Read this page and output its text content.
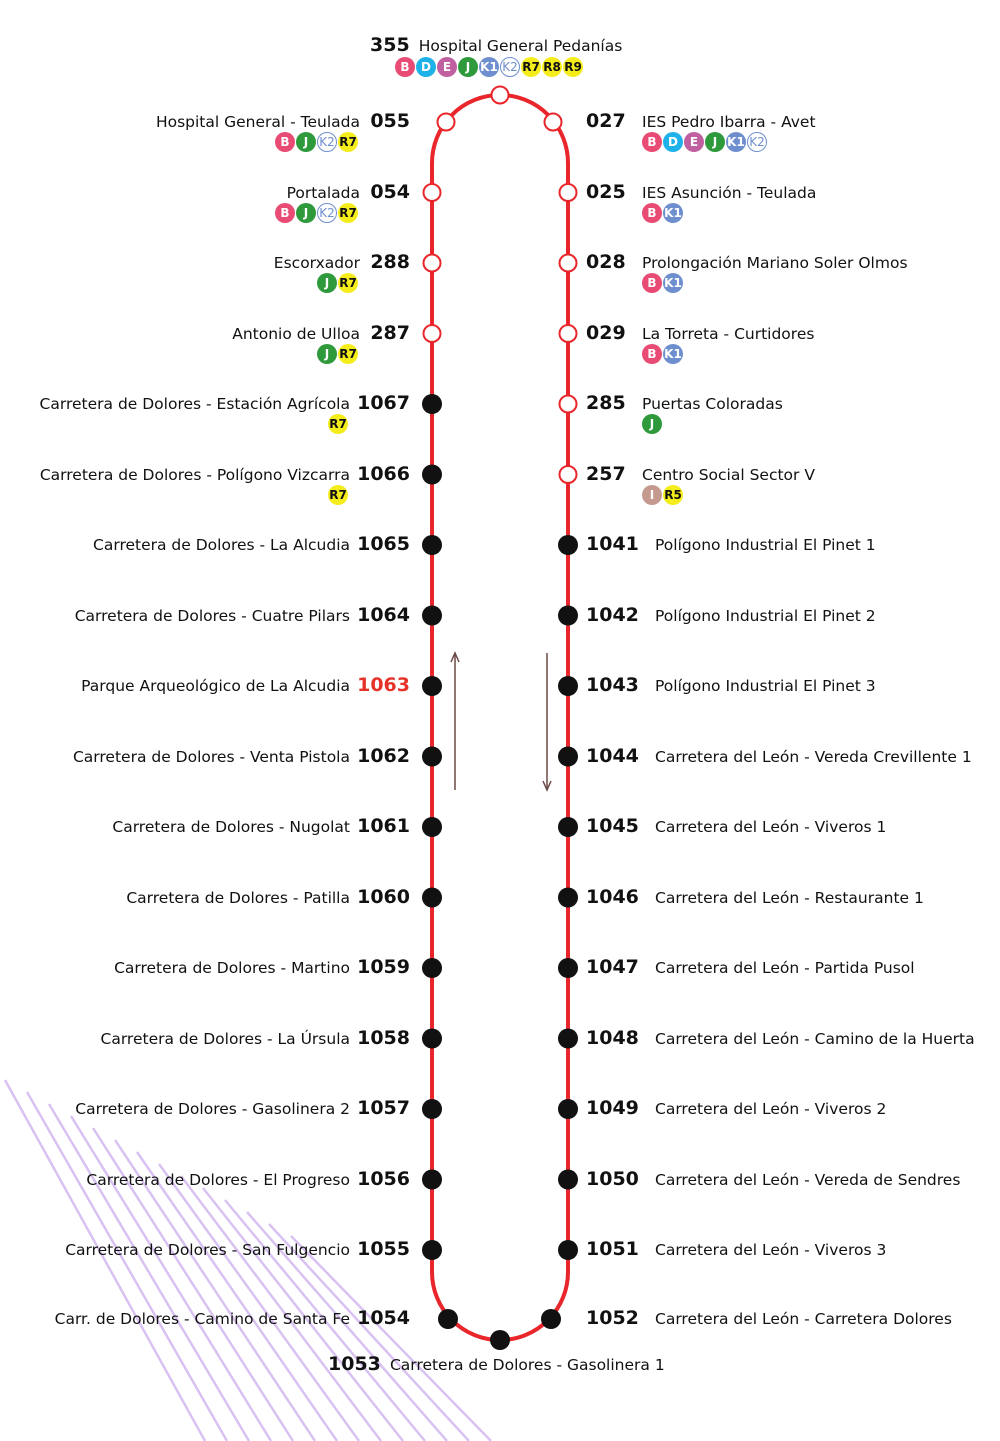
355 Hospital General Pedanías
B D E	J K1 K2 R7 R8 R9
1053 Carretera de Dolores - Gasolinera 1
055
Hospital General - Teulada
B	J K2 R7
054
Portalada
B	J K2 R7
288
Escorxador
J R7
287
Antonio de Ulloa
J R7
1067
Carretera de Dolores - Estación Agrícola
R7
1066
Carretera de Dolores - Polígono Vizcarra
R7
1065
Carretera de Dolores - La Alcudia
1064
Carretera de Dolores - Cuatre Pilars
1063
Parque Arqueológico de La Alcudia
1062
Carretera de Dolores - Venta Pistola
1061
Carretera de Dolores - Nugolat
1060
Carretera de Dolores - Patilla
1059
Carretera de Dolores - Martino
1058
Carretera de Dolores - La Úrsula
1057
Carretera de Dolores - Gasolinera 2
1056
Carretera de Dolores - El Progreso
1055
Carretera de Dolores - San Fulgencio
1054
Carr. de Dolores - Camino de Santa Fe
027 IES Pedro Ibarra - Avet
B D E	J K1 K2
025 IES Asunción - Teulada
B K1
028 Prolongación Mariano Soler Olmos
B K1
029 La Torreta - Curtidores
B K1
285 Puertas Coloradas
J
257 Centro Social Sector V
I R5
1041 Polígono Industrial El Pinet 1
1042 Polígono Industrial El Pinet 2
1043 Polígono Industrial El Pinet 3
1044 Carretera del León - Vereda Crevillente 1
1045 Carretera del León - Viveros 1
1046 Carretera del León - Restaurante 1
1047 Carretera del León - Partida Pusol
1048 Carretera del León - Camino de la Huerta
1049 Carretera del León - Viveros 2
1050 Carretera del León - Vereda de Sendres
1051 Carretera del León - Viveros 3
1052 Carretera del León - Carretera Dolores
